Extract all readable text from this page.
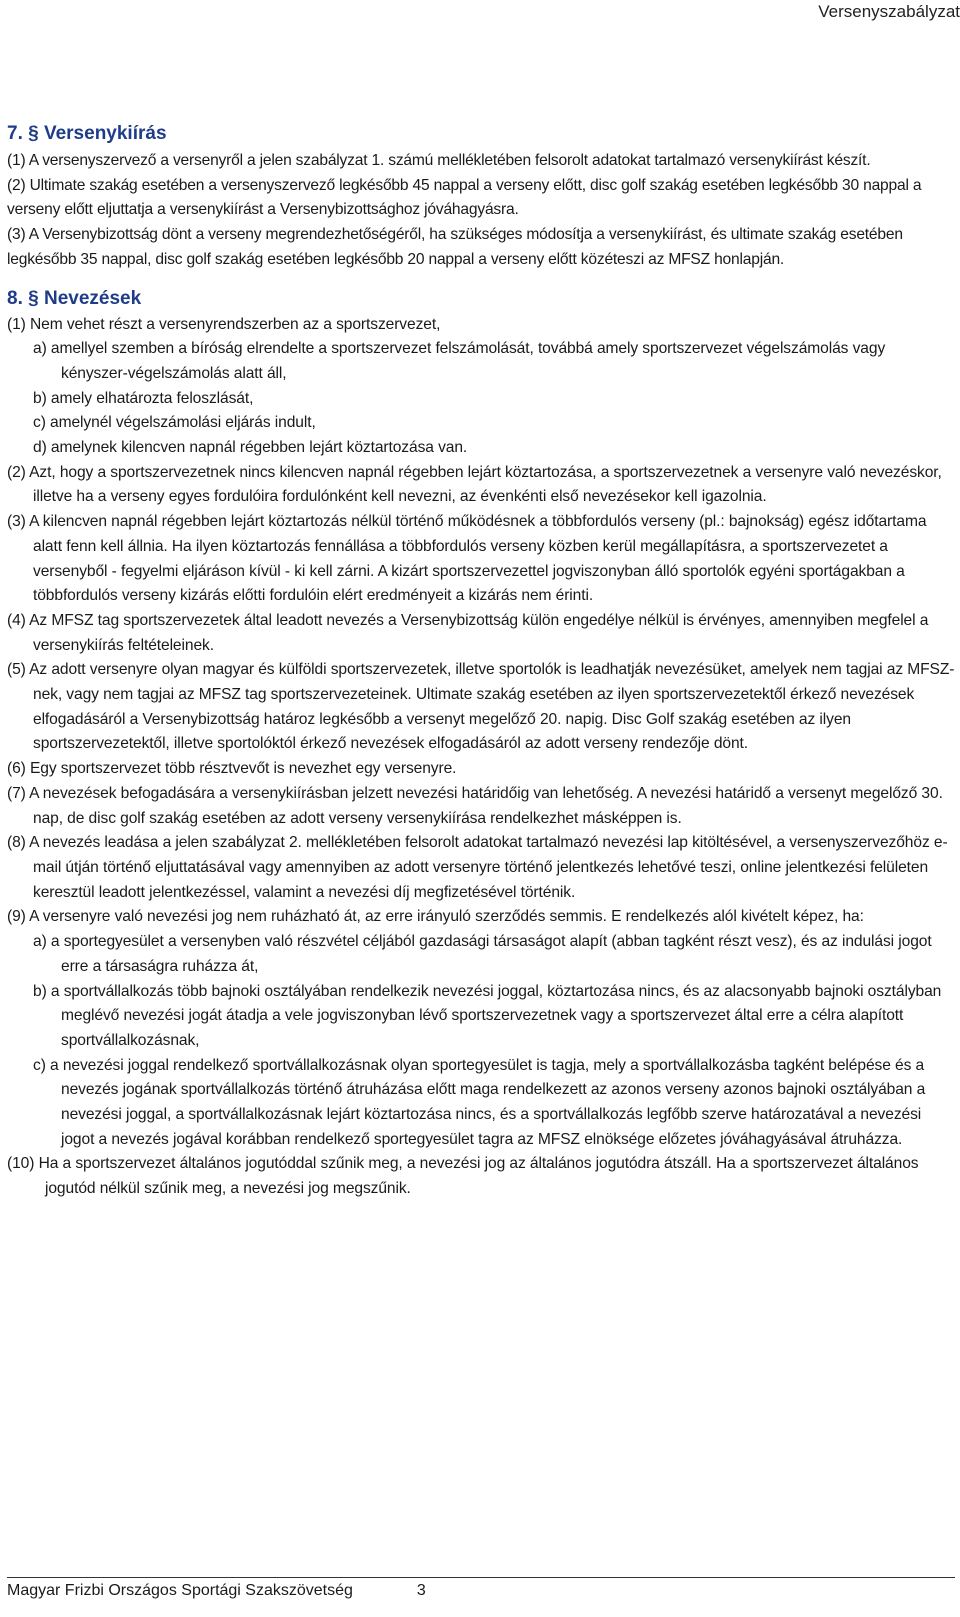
Versenyszabályzat
7. § Versenykiírás

(1) A versenyszervező a versenyről a jelen szabályzat 1. számú mellékletében felsorolt adatokat tartalmazó versenykiírást készít.

(2) Ultimate szakág esetében a versenyszervező legkésőbb 45 nappal a verseny előtt, disc golf szakág esetében legkésőbb 30 nappal a verseny előtt eljuttatja a versenykiírást a Versenybizottsághoz jóváhagyásra.

(3) A Versenybizottság dönt a verseny megrendezhetőségéről, ha szükséges módosítja a versenykiírást, és ultimate szakág esetében legkésőbb 35 nappal, disc golf szakág esetében legkésőbb 20 nappal a verseny előtt közéteszi az MFSZ honlapján.

8. § Nevezések

(1) Nem vehet részt a versenyrendszerben az a sportszervezet,

a) amellyel szemben a bíróság elrendelte a sportszervezet felszámolását, továbbá amely sportszervezet végelszámolás vagy kényszer-végelszámolás alatt áll,

b) amely elhatározta feloszlását,

c) amelynél végelszámolási eljárás indult,

d) amelynek kilencven napnál régebben lejárt köztartozása van.

(2) Azt, hogy a sportszervezetnek nincs kilencven napnál régebben lejárt köztartozása, a sportszervezetnek a versenyre való nevezéskor, illetve ha a verseny egyes fordulóira fordulónként kell nevezni, az évenkénti első nevezésekor kell igazolnia.

(3) A kilencven napnál régebben lejárt köztartozás nélkül történő működésnek a többfordulós verseny (pl.: bajnokság) egész időtartama alatt fenn kell állnia. Ha ilyen köztartozás fennállása a többfordulós verseny közben kerül megállapításra, a sportszervezetet a versenyből - fegyelmi eljáráson kívül - ki kell zárni. A kizárt sportszervezettel jogviszonyban álló sportolók egyéni sportágakban a többfordulós verseny kizárás előtti fordulóin elért eredményeit a kizárás nem érinti.

(4) Az MFSZ tag sportszervezetek által leadott nevezés a Versenybizottság külön engedélye nélkül is érvényes, amennyiben megfelel a versenykiírás feltételeinek.

(5) Az adott versenyre olyan magyar és külföldi sportszervezetek, illetve sportolók is leadhatják nevezésüket, amelyek nem tagjai az MFSZ-nek, vagy nem tagjai az MFSZ tag sportszervezeteinek. Ultimate szakág esetében az ilyen sportszervezetektől érkező nevezések elfogadásáról a Versenybizottság határoz legkésőbb a versenyt megelőző 20. napig. Disc Golf szakág esetében az ilyen sportszervezetektől, illetve sportolóktól érkező nevezések elfogadásáról az adott verseny rendezője dönt.

(6) Egy sportszervezet több résztvevőt is nevezhet egy versenyre.

(7) A nevezések befogadására a versenykiírásban jelzett nevezési határidőig van lehetőség. A nevezési határidő a versenyt megelőző 30. nap, de disc golf szakág esetében az adott verseny versenykiírása rendelkezhet másképpen is.

(8) A nevezés leadása a jelen szabályzat 2. mellékletében felsorolt adatokat tartalmazó nevezési lap kitöltésével, a versenyszervezőhöz e-mail útján történő eljuttatásával vagy amennyiben az adott versenyre történő jelentkezés lehetővé teszi, online jelentkezési felületen keresztül leadott jelentkezéssel, valamint a nevezési díj megfizetésével történik.

(9) A versenyre való nevezési jog nem ruházható át, az erre irányuló szerződés semmis. E rendelkezés alól kivételt képez, ha:

a) a sportegyesület a versenyben való részvétel céljából gazdasági társaságot alapít (abban tagként részt vesz), és az indulási jogot erre a társaságra ruházza át,

b) a sportvállalkozás több bajnoki osztályában rendelkezik nevezési joggal, köztartozása nincs, és az alacsonyabb bajnoki osztályban meglévő nevezési jogát átadja a vele jogviszonyban lévő sportszervezetnek vagy a sportszervezet által erre a célra alapított sportvállalkozásnak,

c) a nevezési joggal rendelkező sportvállalkozásnak olyan sportegyesület is tagja, mely a sportvállalkozásba tagként belépése és a nevezés jogának sportvállalkozás történő átruházása előtt maga rendelkezett az azonos verseny azonos bajnoki osztályában a nevezési joggal, a sportvállalkozásnak lejárt köztartozása nincs, és a sportvállalkozás legfőbb szerve határozatával a nevezési jogot a nevezés jogával korábban rendelkező sportegyesület tagra az MFSZ elnöksége előzetes jóváhagyásával átruházza.

(10) Ha a sportszervezet általános jogutóddal szűnik meg, a nevezési jog az általános jogutódra átszáll. Ha a sportszervezet általános jogutód nélkül szűnik meg, a nevezési jog megszűnik.

Magyar Frizbi Országos Sportági Szakszövetség	3
